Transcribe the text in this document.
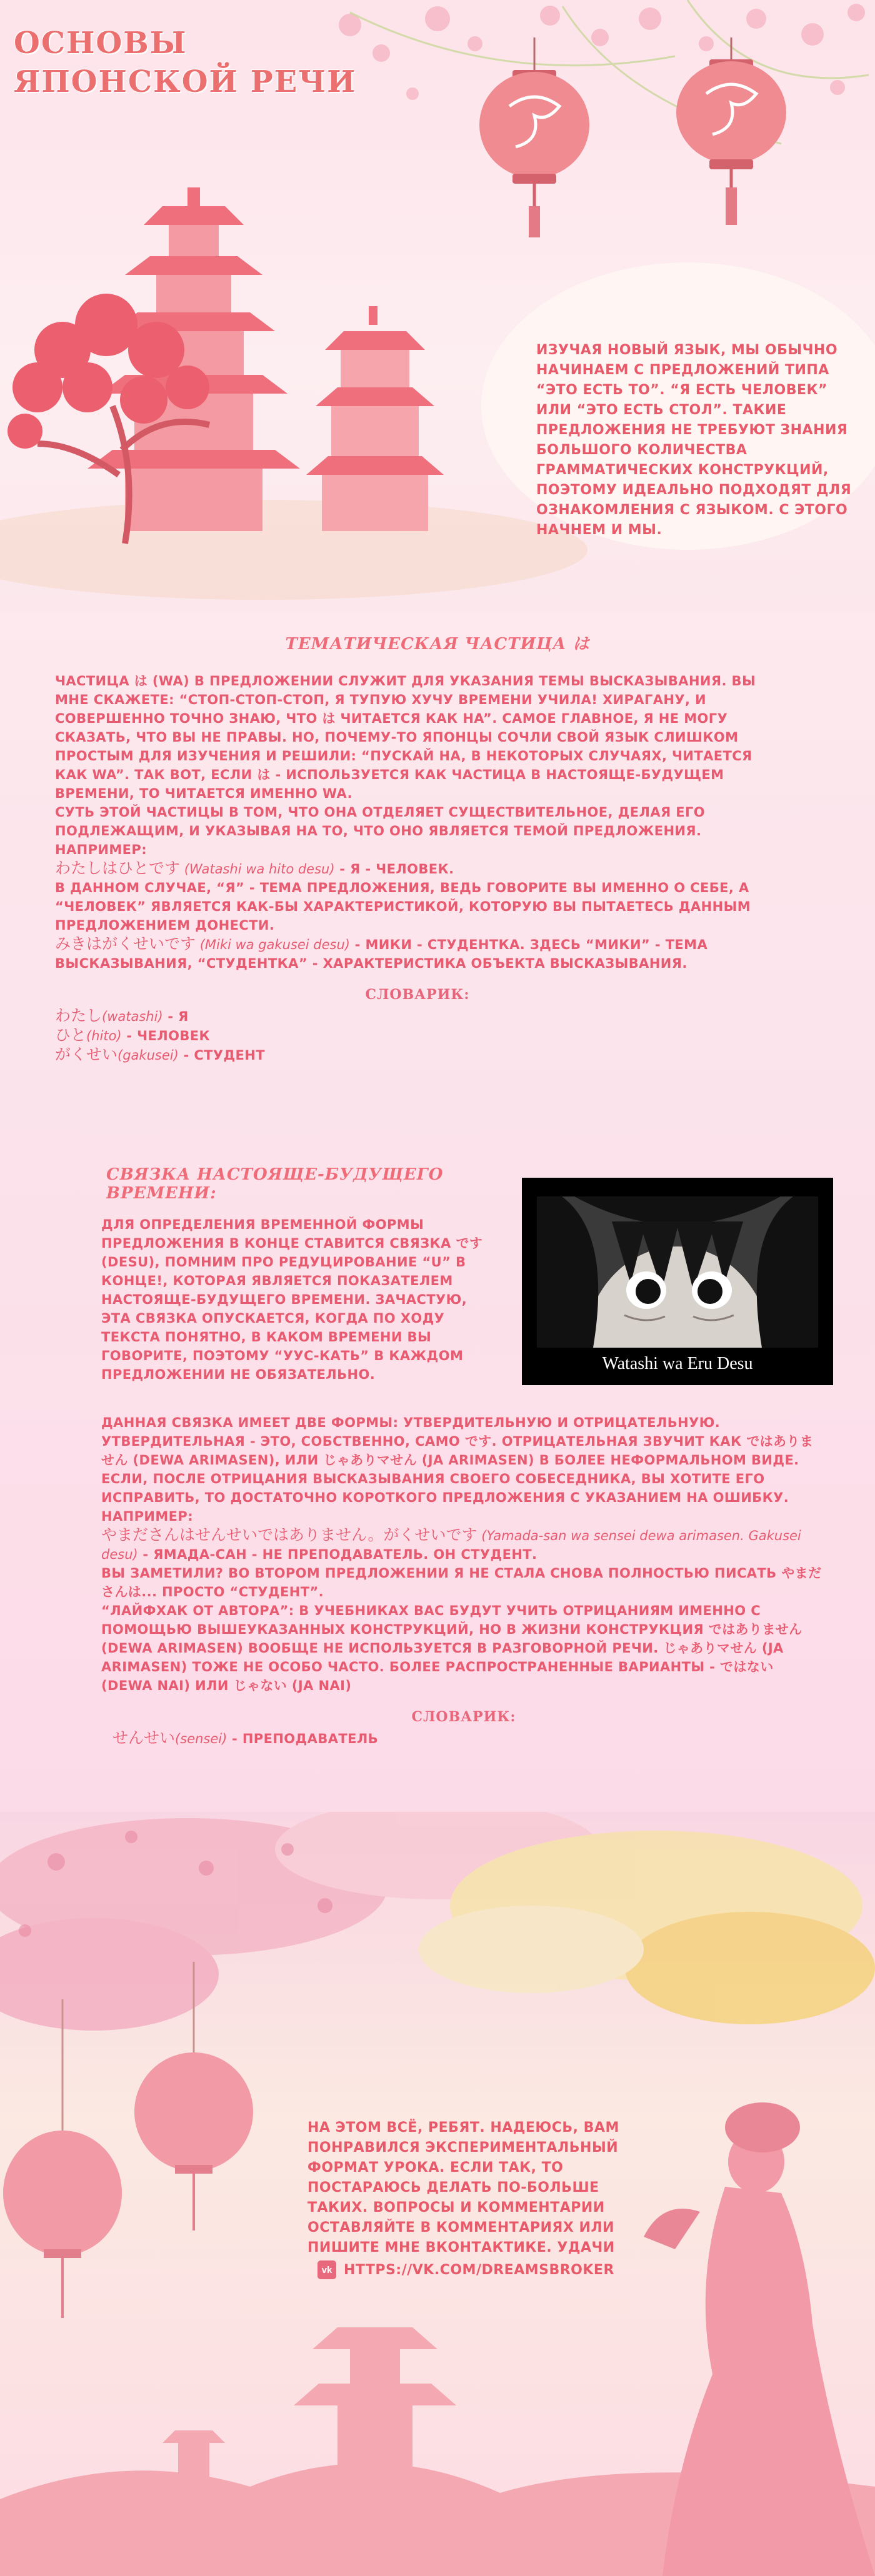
ОСНОВЫ ЯПОНСКОЙ РЕЧИ
ИЗУЧАЯ НОВЫЙ ЯЗЫК, МЫ ОБЫЧНО НАЧИНАЕМ С ПРЕДЛОЖЕНИЙ ТИПА “ЭТО ЕСТЬ ТО”. “Я ЕСТЬ ЧЕЛОВЕК” ИЛИ “ЭТО ЕСТЬ СТОЛ”. ТАКИЕ ПРЕДЛОЖЕНИЯ НЕ ТРЕБУЮТ ЗНАНИЯ БОЛЬШОГО КОЛИЧЕСТВА ГРАММАТИЧЕСКИХ КОНСТРУКЦИЙ, ПОЭТОМУ ИДЕАЛЬНО ПОДХОДЯТ ДЛЯ ОЗНАКОМЛЕНИЯ С ЯЗЫКОМ. С ЭТОГО НАЧНЕМ И МЫ.
ТЕМАТИЧЕСКАЯ ЧАСТИЦА は

ЧАСТИЦА は (WA) В ПРЕДЛОЖЕНИИ СЛУЖИТ ДЛЯ УКАЗАНИЯ ТЕМЫ ВЫСКАЗЫВАНИЯ. ВЫ МНЕ СКАЖЕТЕ: “СТОП-СТОП-СТОП, Я ТУПУЮ ХУЧУ ВРЕМЕНИ УЧИЛА! ХИРАГАНУ, И СОВЕРШЕННО ТОЧНО ЗНАЮ, ЧТО は ЧИТАЕТСЯ КАК HA”. САМОЕ ГЛАВНОЕ, Я НЕ МОГУ СКАЗАТЬ, ЧТО ВЫ НЕ ПРАВЫ. НО, ПОЧЕМУ-ТО ЯПОНЦЫ СОЧЛИ СВОЙ ЯЗЫК СЛИШКОМ ПРОСТЫМ ДЛЯ ИЗУЧЕНИЯ И РЕШИЛИ: “ПУСКАЙ HA, В НЕКОТОРЫХ СЛУЧАЯХ, ЧИТАЕТСЯ КАК WA”. ТАК ВОТ, ЕСЛИ は - ИСПОЛЬЗУЕТСЯ КАК ЧАСТИЦА В НАСТОЯЩЕ-БУДУЩЕМ ВРЕМЕНИ, ТО ЧИТАЕТСЯ ИМЕННО WA.

СУТЬ ЭТОЙ ЧАСТИЦЫ В ТОМ, ЧТО ОНА ОТДЕЛЯЕТ СУЩЕСТВИТЕЛЬНОЕ, ДЕЛАЯ ЕГО ПОДЛЕЖАЩИМ, И УКАЗЫВАЯ НА ТО, ЧТО ОНО ЯВЛЯЕТСЯ ТЕМОЙ ПРЕДЛОЖЕНИЯ.

НАПРИМЕР:

わたしはひとです (Watashi wa hito desu) - Я - ЧЕЛОВЕК.

В ДАННОМ СЛУЧАЕ, “Я” - ТЕМА ПРЕДЛОЖЕНИЯ, ВЕДЬ ГОВОРИТЕ ВЫ ИМЕННО О СЕБЕ, А “ЧЕЛОВЕК” ЯВЛЯЕТСЯ КАК-БЫ ХАРАКТЕРИСТИКОЙ, КОТОРУЮ ВЫ ПЫТАЕТЕСЬ ДАННЫМ ПРЕДЛОЖЕНИЕМ ДОНЕСТИ.

みきはがくせいです (Miki wa gakusei desu) - МИКИ - СТУДЕНТКА. ЗДЕСЬ “МИКИ” - ТЕМА ВЫСКАЗЫВАНИЯ, “СТУДЕНТКА” - ХАРАКТЕРИСТИКА ОБЪЕКТА ВЫСКАЗЫВАНИЯ.

СЛОВАРИК:

わたし(watashi) - Я

ひと(hito) - ЧЕЛОВЕК

がくせい(gakusei) - СТУДЕНТ

СВЯЗКА НАСТОЯЩЕ-БУДУЩЕГО ВРЕМЕНИ:
Watashi wa Eru Desu

ДЛЯ ОПРЕДЕЛЕНИЯ ВРЕМЕННОЙ ФОРМЫ ПРЕДЛОЖЕНИЯ В КОНЦЕ СТАВИТСЯ СВЯЗКА です (DESU), ПОМНИМ ПРО РЕДУЦИРОВАНИЕ “U” В КОНЦЕ!, КОТОРАЯ ЯВЛЯЕТСЯ ПОКАЗАТЕЛЕМ НАСТОЯЩЕ-БУДУЩЕГО ВРЕМЕНИ. ЗАЧАСТУЮ, ЭТА СВЯЗКА ОПУСКАЕТСЯ, КОГДА ПО ХОДУ ТЕКСТА ПОНЯТНО, В КАКОМ ВРЕМЕНИ ВЫ ГОВОРИТЕ, ПОЭТОМУ “УУС-КАТЬ” В КАЖДОМ ПРЕДЛОЖЕНИИ НЕ ОБЯЗАТЕЛЬНО.

ДАННАЯ СВЯЗКА ИМЕЕТ ДВЕ ФОРМЫ: УТВЕРДИТЕЛЬНУЮ И ОТРИЦАТЕЛЬНУЮ. УТВЕРДИТЕЛЬНАЯ - ЭТО, СОБСТВЕННО, САМО です. ОТРИЦАТЕЛЬНАЯ ЗВУЧИТ КАК ではありません (DEWA ARIMASEN), ИЛИ じゃありマせん (JA ARIMASEN) В БОЛЕЕ НЕФОРМАЛЬНОМ ВИДЕ. ЕСЛИ, ПОСЛЕ ОТРИЦАНИЯ ВЫСКАЗЫВАНИЯ СВОЕГО СОБЕСЕДНИКА, ВЫ ХОТИТЕ ЕГО ИСПРАВИТЬ, ТО ДОСТАТОЧНО КОРОТКОГО ПРЕДЛОЖЕНИЯ С УКАЗАНИЕМ НА ОШИБКУ.

НАПРИМЕР:

やまださんはせんせいではありません。がくせいです (Yamada-san wa sensei dewa arimasen. Gakusei desu) - ЯМАДА-САН - НЕ ПРЕПОДАВАТЕЛЬ. ОН СТУДЕНТ.

ВЫ ЗАМЕТИЛИ? ВО ВТОРОМ ПРЕДЛОЖЕНИИ Я НЕ СТАЛА СНОВА ПОЛНОСТЬЮ ПИСАТЬ やまださんは... ПРОСТО “СТУДЕНТ”.

“ЛАЙФХАК ОТ АВТОРА”: В УЧЕБНИКАХ ВАС БУДУТ УЧИТЬ ОТРИЦАНИЯМ ИМЕННО С ПОМОЩЬЮ ВЫШЕУКАЗАННЫХ КОНСТРУКЦИЙ, НО В ЖИЗНИ КОНСТРУКЦИЯ ではありません (DEWA ARIMASEN) ВООБЩЕ НЕ ИСПОЛЬЗУЕТСЯ В РАЗГОВОРНОЙ РЕЧИ. じゃありマせん (JA ARIMASEN) ТОЖЕ НЕ ОСОБО ЧАСТО. БОЛЕЕ РАСПРОСТРАНЕННЫЕ ВАРИАНТЫ - ではない (DEWA NAI) ИЛИ じゃない (JA NAI)

СЛОВАРИК:

せんせい(sensei) - ПРЕПОДАВАТЕЛЬ

НА ЭТОМ ВСЁ, РЕБЯТ. НАДЕЮСЬ, ВАМ ПОНРАВИЛСЯ ЭКСПЕРИМЕНТАЛЬНЫЙ ФОРМАТ УРОКА. ЕСЛИ ТАК, ТО ПОСТАРАЮСЬ ДЕЛАТЬ ПО-БОЛЬШЕ ТАКИХ. ВОПРОСЫ И КОММЕНТАРИИ ОСТАВЛЯЙТЕ В КОММЕНТАРИЯХ ИЛИ ПИШИТЕ МНЕ ВКОНТАКТИКЕ. УДАЧИ
vk HTTPS://VK.COM/DREAMSBROKER
